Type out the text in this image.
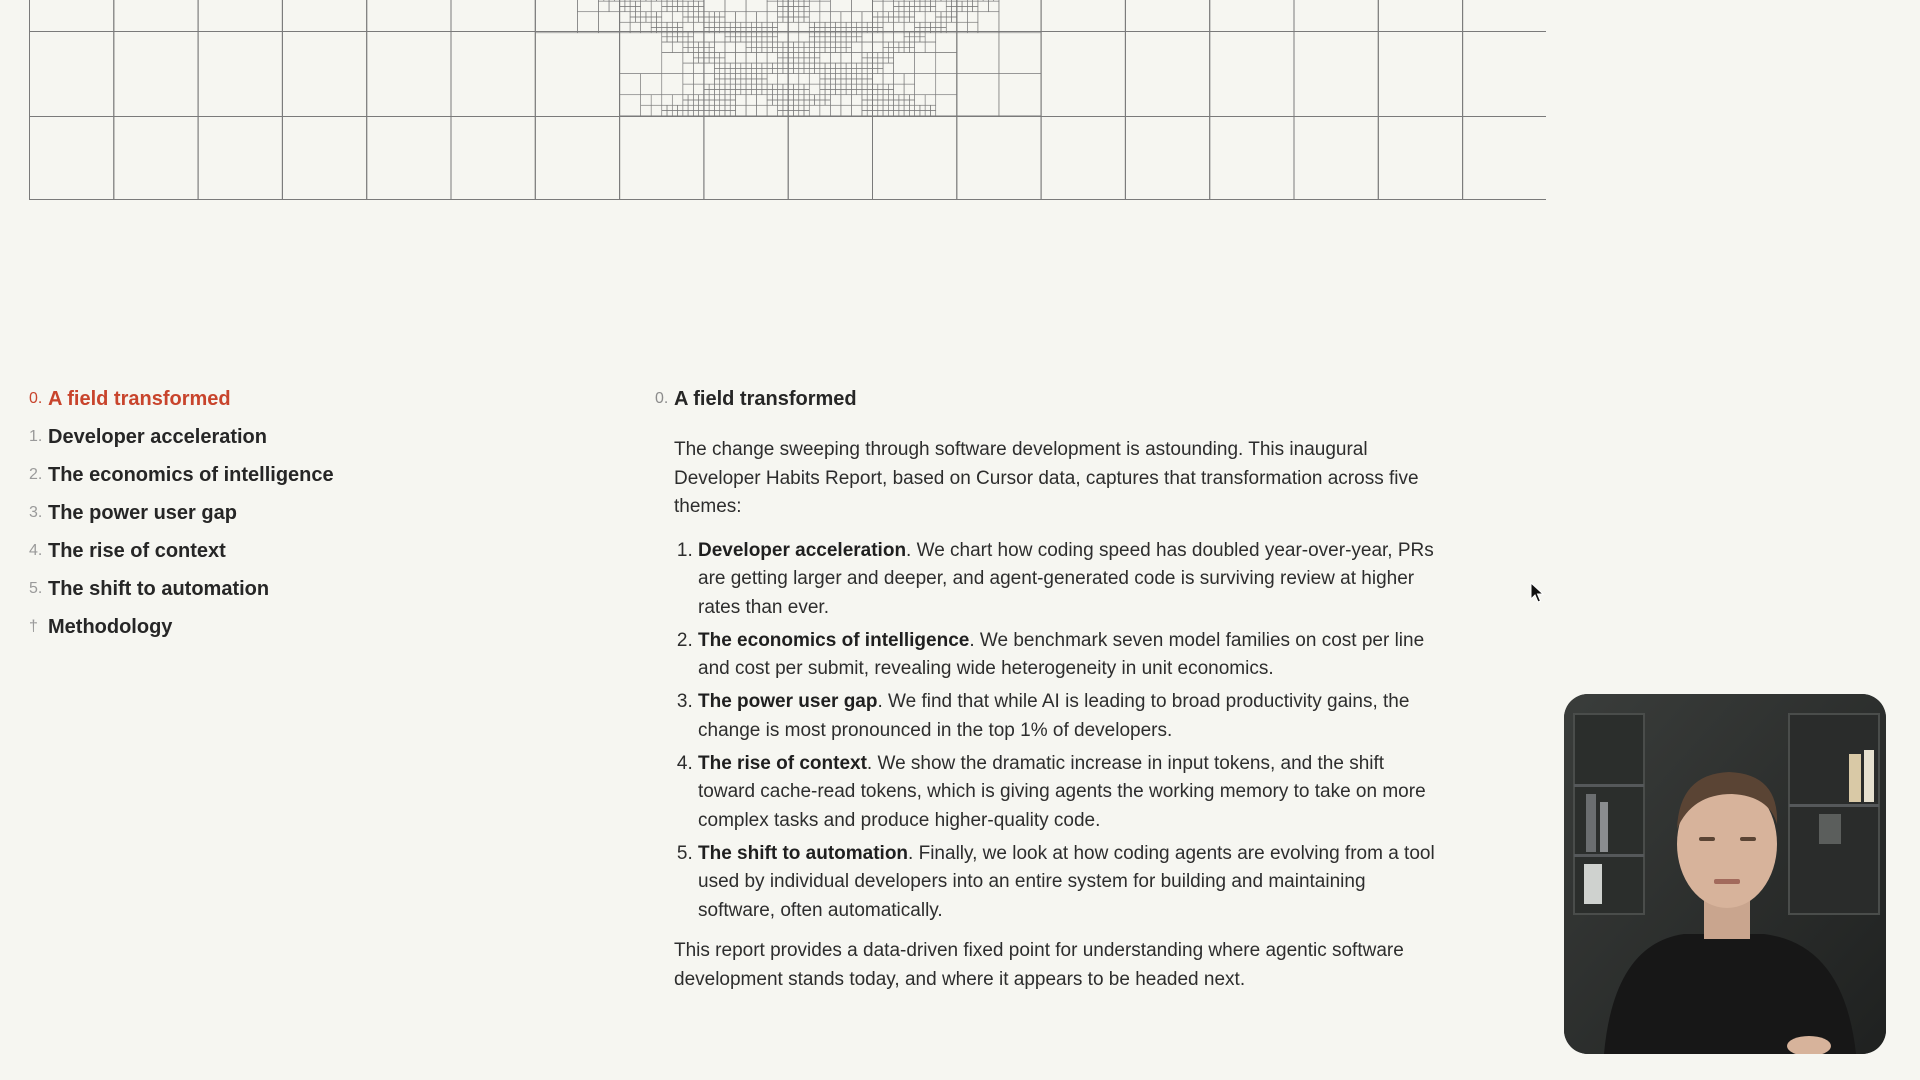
0. A field transformed
1. Developer acceleration
2. The economics of intelligence
3. The power user gap
4. The rise of context
5. The shift to automation
† Methodology
0. A field transformed

The change sweeping through software development is astounding. This inaugural Developer Habits Report, based on Cursor data, captures that transformation across five themes:

1. Developer acceleration. We chart how coding speed has doubled year-over-year, PRs are getting larger and deeper, and agent-generated code is surviving review at higher rates than ever.
2. The economics of intelligence. We benchmark seven model families on cost per line and cost per submit, revealing wide heterogeneity in unit economics.
3. The power user gap. We find that while AI is leading to broad productivity gains, the change is most pronounced in the top 1% of developers.
4. The rise of context. We show the dramatic increase in input tokens, and the shift toward cache-read tokens, which is giving agents the working memory to take on more complex tasks and produce higher-quality code.
5. The shift to automation. Finally, we look at how coding agents are evolving from a tool used by individual developers into an entire system for building and maintaining software, often automatically.

This report provides a data-driven fixed point for understanding where agentic software development stands today, and where it appears to be headed next.
